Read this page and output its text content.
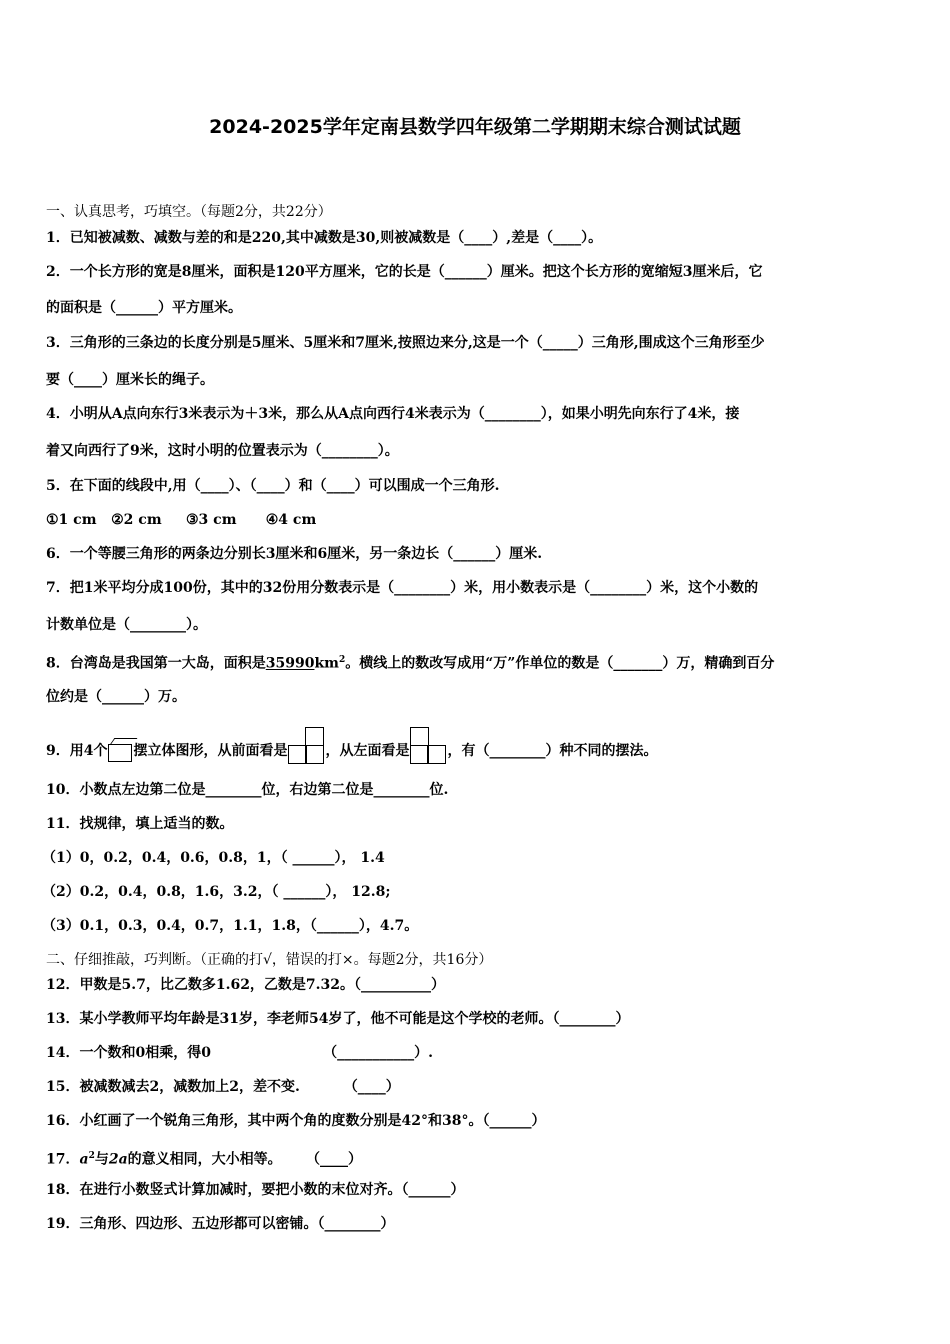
2024-2025学年定南县数学四年级第二学期期末综合测试试题
一、认真思考，巧填空。（每题2分，共22分）
1．已知被减数、减数与差的和是220,其中减数是30,则被减数是（____）,差是（____）。
2．一个长方形的宽是8厘米，面积是120平方厘米，它的长是（______）厘米。把这个长方形的宽缩短3厘米后，它
的面积是（______）平方厘米。
3．三角形的三条边的长度分别是5厘米、5厘米和7厘米,按照边来分,这是一个（_____）三角形,围成这个三角形至少
要（____）厘米长的绳子。
4．小明从A点向东行3米表示为＋3米，那么从A点向西行4米表示为（________），如果小明先向东行了4米，接
着又向西行了9米，这时小明的位置表示为（________）。
5．在下面的线段中,用（____）、（____）和（____）可以围成一个三角形.
①1 cm   ②2 cm     ③3 cm      ④4 cm
6．一个等腰三角形的两条边分别长3厘米和6厘米，另一条边长（______）厘米.
7．把1米平均分成100份，其中的32份用分数表示是（________）米，用小数表示是（________）米，这个小数的
计数单位是（________）。
8．台湾岛是我国第一大岛，面积是$35990km^2$。横线上的数改写成用“万”作单位的数是（_______）万，精确到百分
位约是（______）万。
9．用4个 摆立体图形，从前面看是	，从左面看是	，有（________）种不同的摆法。
10．小数点左边第二位是________位，右边第二位是________位.
11．找规律，填上适当的数。
（1）0，0.2，0.4，0.6，0.8，1，（ ______）， 1.4
（2）0.2，0.4，0.8，1.6，3.2，（ ______）， 12.8;
（3）0.1，0.3，0.4，0.7，1.1，1.8，（______），4.7。
二、仔细推敲，巧判断。（正确的打√，错误的打×。每题2分，共16分）
12．甲数是5.7，比乙数多1.62，乙数是7.32。（__________）
13．某小学教师平均年龄是31岁，李老师54岁了，他不可能是这个学校的老师。（________）
14．一个数和0相乘，得0                       （___________）.
15．被减数减去2，减数加上2，差不变.         （____）
16．小红画了一个锐角三角形，其中两个角的度数分别是42°和38°。（______）
17．$a^2$与2a的意义相同，大小相等。     （____）
18．在进行小数竖式计算加减时，要把小数的末位对齐。（______）
19．三角形、四边形、五边形都可以密铺。（________）
